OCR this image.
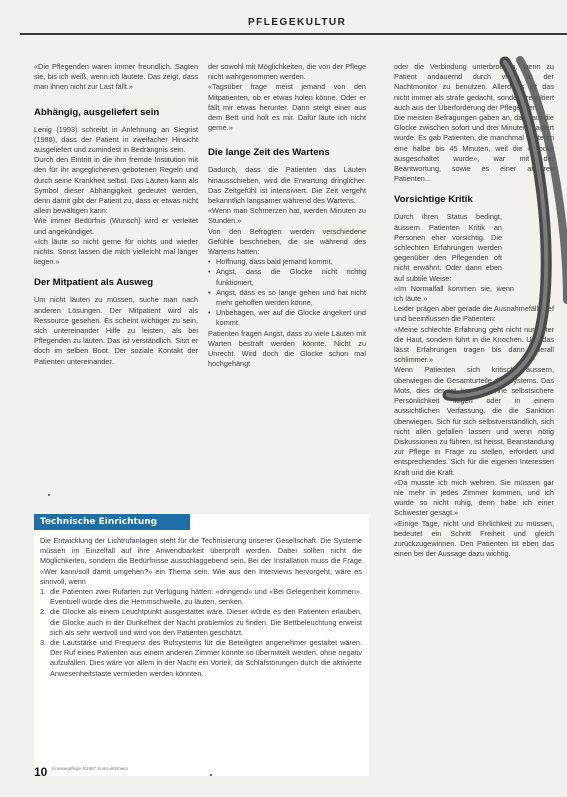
PFLEGEKULTUR

«Die Pflegenden waren immer freundlich. Sagten sie, bis ich weiß, wenn ich läutete. Das zeigt, dass man ihnen nicht zur Last fällt.»

Abhängig, ausgeliefert sein

Lenig (1993) schreibt in Anlehnung an Siegrist (1988), dass der Patient in zweifacher Hinsicht ausgeliefert und zumindest in Bedrängnis sein.

Durch den Eintritt in die ihm fremde Institution mit den für ihr angeglichenen gebotenen Regeln und durch seine Krankheit selbst. Das Läuten kann als Symbol dieser Abhängigkeit gedeutet werden, denn damit gibt der Patient zu, dass er etwas nicht allein bewältigen kann:

Wie immer Bedürfnis (Wunsch) wird er verleitet und angekündiget.

«Ich läute so nicht gerne für nichts und wieder nichts. Sonst lassen die mich vielleicht mal länger liegen.»

Der Mitpatient als Ausweg

Um nicht läuten zu müssen, suche man nach anderen Lösungen. Der Mitpatient wird als Ressource gesehen. Es scheint wichtiger zu sein, sich untereinander Hilfe zu leisten, als bei Pflegenden zu läuten. Das ist verständlich. Sitzt er doch im selben Boot. Der soziale Kontakt der Patienten untereinander.

der sowohl mit Möglichkeiten, die von der Pflege nicht wahrgenommen werden.

«Tagsüber frage meist jemand von den Mitpatienten, ob er etwas holen könne. Oder er fällt mir etwas herunter. Dann steigt einer aus dem Bett und holt es mir. Dafür läute ich nicht gerne.»

Die lange Zeit des Wartens

Dadurch, dass die Patienten das Läuten hinausschieben, wird die Erwartung dringlicher. Das Zeitgefühl ist intensiviert. Die Zeit vergeht bekanntlich langsamer während des Wartens.

«Wenn man Schmerzen hat, werden Minuten zu Stunden.»

Von den Befragten werden verschiedene Gefühle beschrieben, die sie während des Wartens hatten:

• Hoffnung, dass bald jemand kommt,
• Angst, dass die Glocke nicht richtig funktioniert,
• Angst, dass es so lange gehen und hat nicht mehr gehoffen werden könne,
• Unbehagen, wer auf die Glocke angekert und kommt.

Patienten fragen Angst, dass zu viele Läuten mit Warten bestraft werden könnte. Nicht zu Unrecht. Wird doch die Glocke schon mal hochgehängt

oder die Verbindung unterbrochen, wenn zu Patient andauernd durch viele in der Nachtmonitor zu benutzen. Allerdings ist das nicht immer als strafe gedacht, sondern resultiert auch aus der Überforderung der Pflegenden.

Die meisten Befragungen gaben an, dass auf die Glocke zwischen sofort und drei Minuten reagiert wurde. Es gab Patienten, die manchmal warteten eine halbe bis 45 Minuten, weil die «Glocke ausgeschaltet wurde», war mit der Beantwortung, sowie es einer anderen Patienten...

Vorsichtige Kritik

Durch ihren Status bedingt, äussern Patienten Kritik an Personen eher vorsichtig. Die schlechten Erfahrungen werden gegenüber den Pflegenden oft nicht erwähnt. Oder dann eben auf subtile Weise:

«Im Normalfall kommen sie, wenn ich läute.»

Leider prägen aber gerade die Ausnahmefälle tief und beeinflussen die Patienten:

«Meine schlechte Erfahrung geht nicht nur unter die Haut, sondern führt in die Knochen. Und das lässt Erfahrungen tragen bis dann überall schlimmer.»

Wenn Patienten sich kritisch äussern, überwiegen die Gesamturteile des Systems. Das Mots, dies der ist kann in ohne selbstsichere Persönlichkeit liegen oder in einem aussichtlichen Verfassung, die die Sanktion überwiegen. Sich für sich selbstverständlich, sich nicht allen gefallen lassen und wenn nötig Diskussionen zu führen, ist heisst, Beanstandung zur Pflege in Frage zu stellen, erfordert und entsprechendes. Sich für die eigenen Interessen Kraft und die Kraft.

«Da musste ich mich wehren. Sie müssen gar nie mehr in jedes Zimmer kommen, und ich wurde so nicht ruhig, denn habe ich einer Schwester gesagt.»

«Einige Tage, nicht und Ehrlichkeit zu müssen, bedeutet ein Schritt Freiheit und gleich zurückzugewinnen. Den Patienten ist eben das einen bei der Aussage dazu wichtig.

Technische Einrichtung

Die Entwicklung der Lichtrufanlagen steht für die Technisierung unserer Gesellschaft. Die Systeme müssen im Einzelfall auf ihre Anwendbarkeit überprüft werden. Dabei sollten nicht die Möglichkeiten, sondern die Bedürfnisse ausschlaggebend sein. Bei der Installation muss die Frage «Wer kann/soll damit umgehen?» ein Thema sein. Wie aus den Interviews hervorgeht, wäre es sinnvoll, wenn

1. die Patienten zwei Rufarten zur Verfügung hätten: «dringend» und «Bei Gelegenheit kommen». Eventuell würde dies die Hemmschwelle, zu läuten, senken.
2. die Glocke als einem Leuchtpunkt ausgestattet wäre. Dieser würde es den Patienten erlauben, die Glocke auch in der Dunkelheit der Nacht problemlos zu finden. Die Bettbeleuchtung erweist sich als sehr wertvoll und wird von den Patienten geschätzt.
3. die Lautstärke und Frequenz des Rufsystems für die Beteiligten angenehmer gestaltet wären. Der Ruf eines Patienten aus einem anderen Zimmer könnte so übermittelt werden, ohne negativ aufzufallen. Dies wäre vor allem in der Nacht ein Vorteil, da Schlafstörungen durch die aktivierte Anwesenheitstaste vermieden werden könnten.
10 Krankenpflege 4/1997 Soins infirmiers
